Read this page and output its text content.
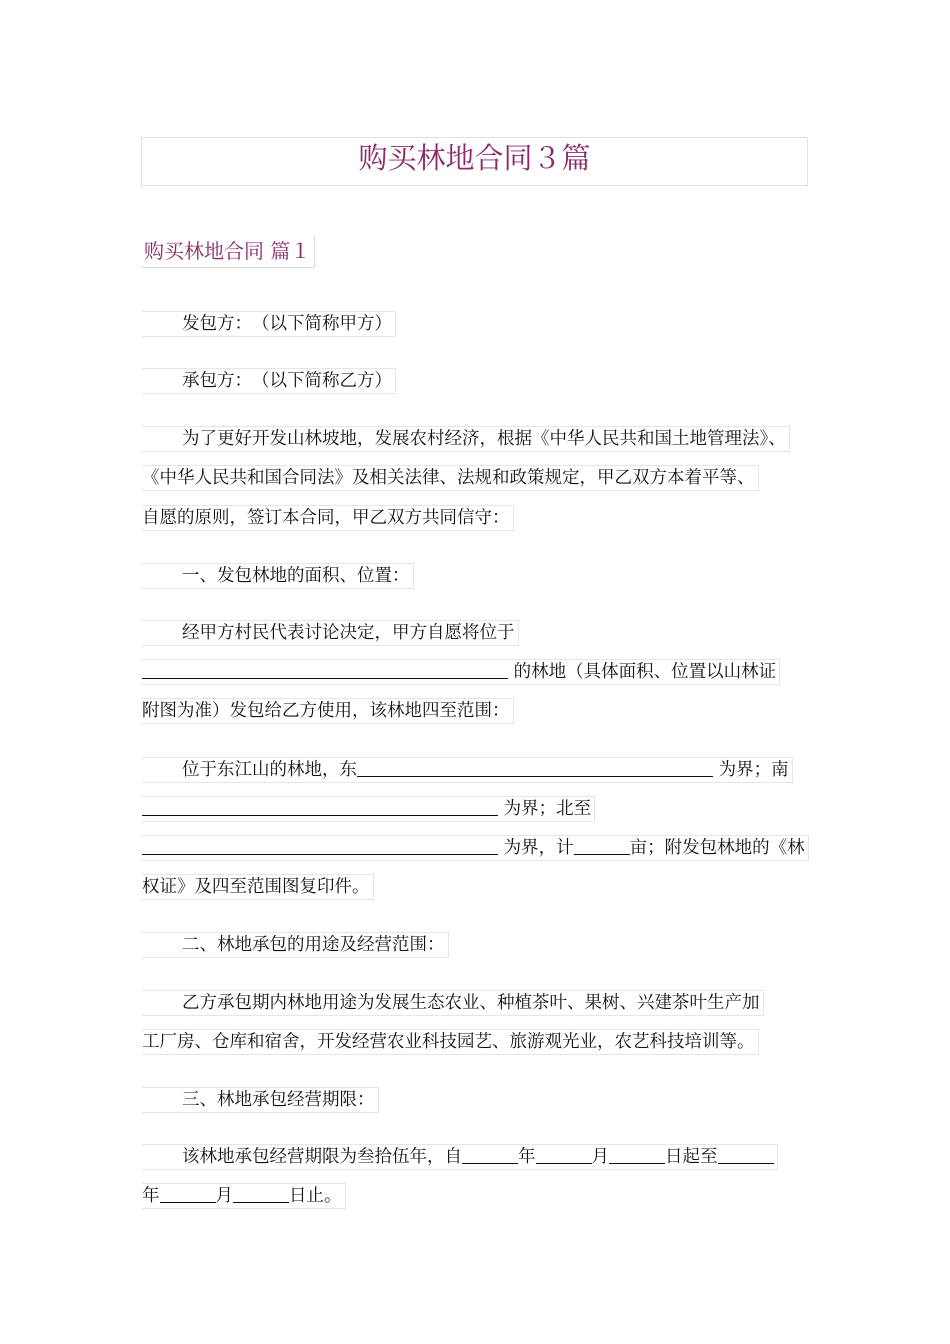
购买林地合同３篇
购买林地合同 篇１
发包方：　（以下简称甲方）
承包方：　（以下简称乙方）
为了更好开发山林坡地，发展农村经济，根据《中华人民共和国土地管理法》、
《中华人民共和国合同法》及相关法律、法规和政策规定，甲乙双方本着平等、
自愿的原则，签订本合同，甲乙双方共同信守：
一、发包林地的面积、位置：
经甲方村民代表讨论决定，甲方自愿将位于
的林地（具体面积、位置以山林证
附图为准）发包给乙方使用，该林地四至范围：
位于东江山的林地，东	为界；南
为界；北至
为界，计	亩；附发包林地的《林
权证》及四至范围图复印件。
二、林地承包的用途及经营范围：
乙方承包期内林地用途为发展生态农业、种植茶叶、果树、兴建茶叶生产加
工厂房、仓库和宿舍，开发经营农业科技园艺、旅游观光业，农艺科技培训等。
三、林地承包经营期限：
该林地承包经营期限为叁拾伍年，自	年	月	日起至
年	月	日止。
